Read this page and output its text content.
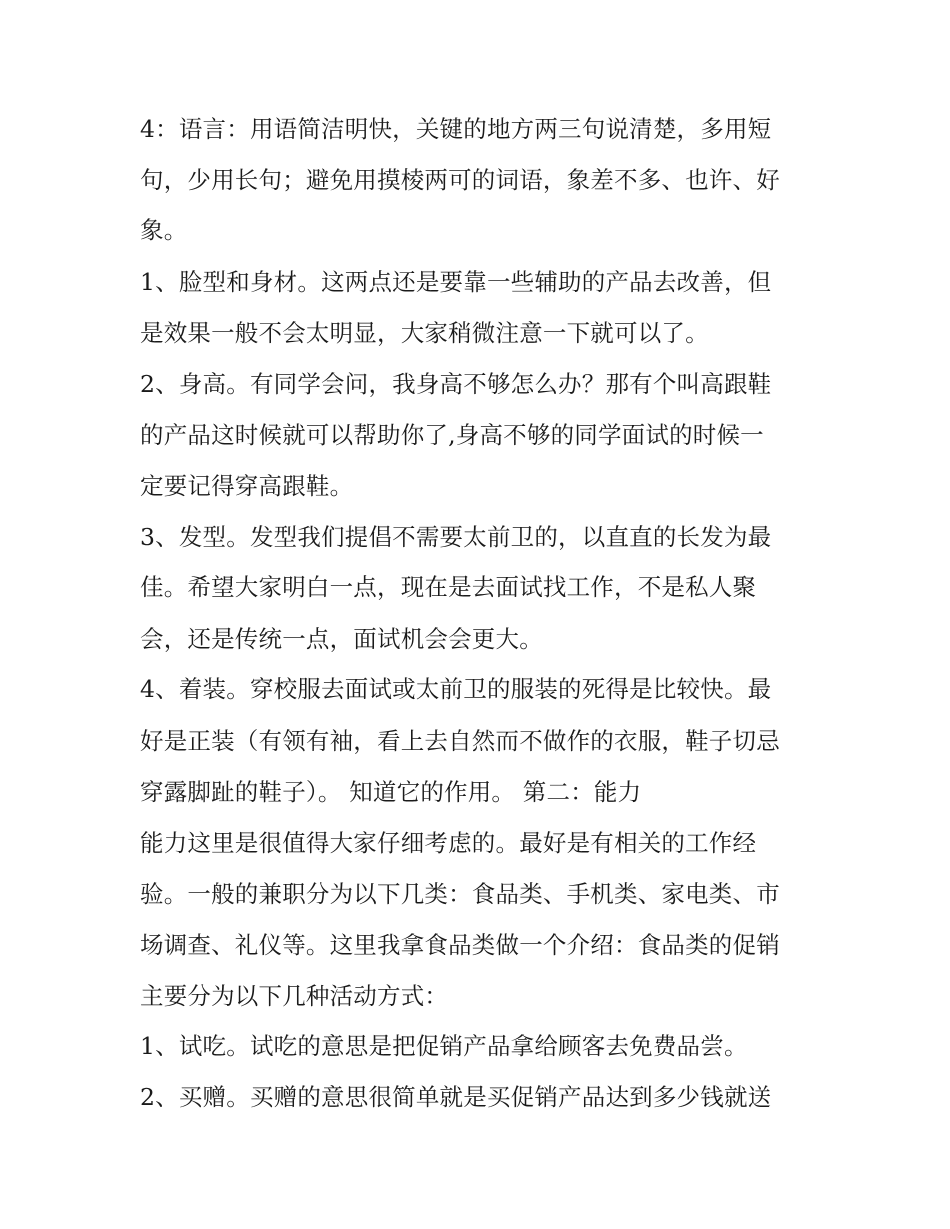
4：语言：用语简洁明快，关键的地方两三句说清楚，多用短
句，少用长句；避免用摸棱两可的词语，象差不多、也许、好
象。
1、脸型和身材。这两点还是要靠一些辅助的产品去改善，但
是效果一般不会太明显，大家稍微注意一下就可以了。
2、身高。有同学会问，我身高不够怎么办？那有个叫高跟鞋
的产品这时候就可以帮助你了,身高不够的同学面试的时候一
定要记得穿高跟鞋。
3、发型。发型我们提倡不需要太前卫的，以直直的长发为最
佳。希望大家明白一点，现在是去面试找工作，不是私人聚
会，还是传统一点，面试机会会更大。
4、着装。穿校服去面试或太前卫的服装的死得是比较快。最
好是正装（有领有袖，看上去自然而不做作的衣服，鞋子切忌
穿露脚趾的鞋子）。 知道它的作用。 第二：能力
能力这里是很值得大家仔细考虑的。最好是有相关的工作经
验。一般的兼职分为以下几类：食品类、手机类、家电类、市
场调查、礼仪等。这里我拿食品类做一个介绍：食品类的促销
主要分为以下几种活动方式：
1、试吃。试吃的意思是把促销产品拿给顾客去免费品尝。
2、买赠。买赠的意思很简单就是买促销产品达到多少钱就送
